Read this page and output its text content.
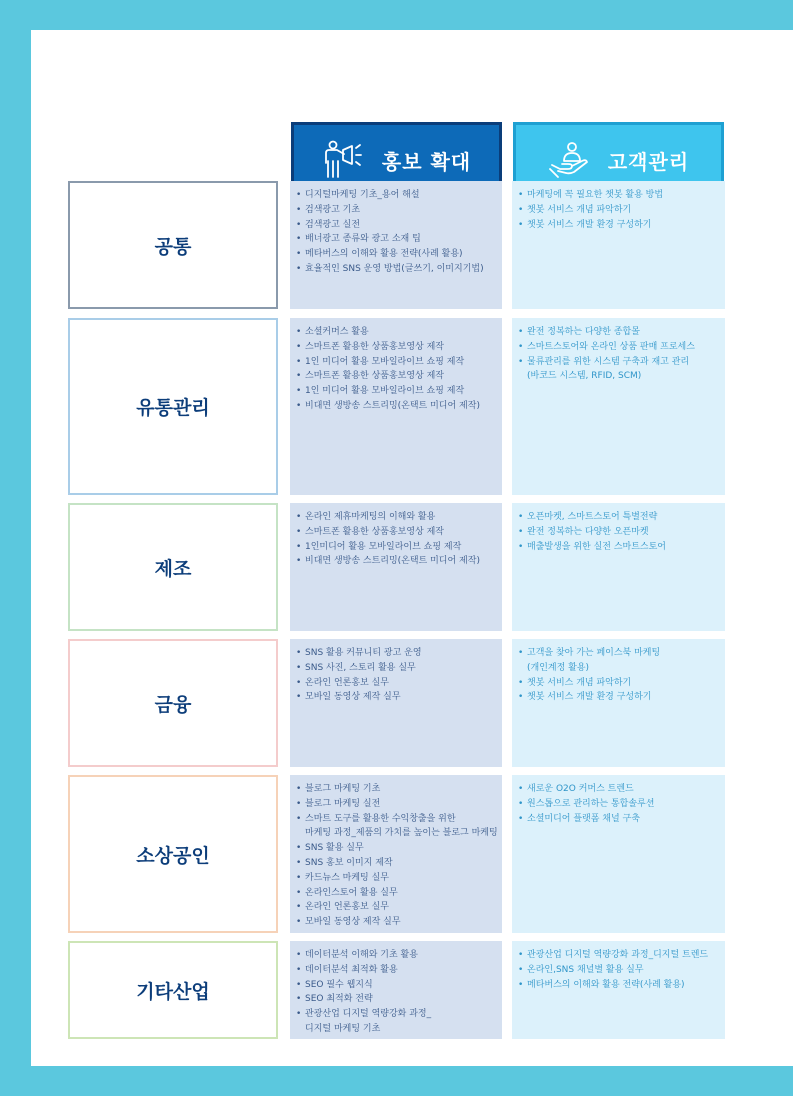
홍보 확대	고객관리
공통
• 디지털마케팅 기초_용어 해설
• 검색광고 기초
• 검색광고 실전
• 배너광고 종류와 광고 소재 팁
• 메타버스의 이해와 활용 전략(사례 활용)
• 효율적인 SNS 운영 방법(글쓰기, 이미지기법)
• 마케팅에 꼭 필요한 챗봇 활용 방법
• 챗봇 서비스 개념 파악하기
• 챗봇 서비스 개발 환경 구성하기
유통관리
• 소셜커머스 활용
• 스마트폰 활용한 상품홍보영상 제작
• 1인 미디어 활용 모바일라이브 쇼핑 제작
• 스마트폰 활용한 상품홍보영상 제작
• 1인 미디어 활용 모바일라이브 쇼핑 제작
• 비대면 생방송 스트리밍(온택트 미디어 제작)
• 완전 정복하는 다양한 종합몰
• 스마트스토어와 온라인 상품 판매 프로세스
• 물류관리를 위한 시스템 구축과 재고 관리
(바코드 시스템, RFID, SCM)
제조
• 온라인 제휴마케팅의 이해와 활용
• 스마트폰 활용한 상품홍보영상 제작
• 1인미디어 활용 모바일라이브 쇼핑 제작
• 비대면 생방송 스트리밍(온택트 미디어 제작)
• 오픈마켓, 스마트스토어 특별전략
• 완전 정복하는 다양한 오픈마켓
• 매출발생을 위한 실전 스마트스토어
금융
• SNS 활용 커뮤니티 광고 운영
• SNS 사진, 스토리 활용 실무
• 온라인 언론홍보 실무
• 모바일 동영상 제작 실무
• 고객을 찾아 가는 페이스북 마케팅
(개인계정 활용)
• 챗봇 서비스 개념 파악하기
• 챗봇 서비스 개발 환경 구성하기
소상공인
• 블로그 마케팅 기초
• 블로그 마케팅 실전
• 스마트 도구를 활용한 수익창출을 위한
마케팅 과정_제품의 가치를 높이는 블로그 마케팅
• SNS 활용 실무
• SNS 홍보 이미지 제작
• 카드뉴스 마케팅 실무
• 온라인스토어 활용 실무
• 온라인 언론홍보 실무
• 모바일 동영상 제작 실무
• 새로운 O2O 커머스 트렌드
• 원스톱으로 관리하는 통합솔루션
• 소셜미디어 플랫폼 채널 구축
기타산업
• 데이터분석 이해와 기초 활용
• 데이터분석 최적화 활용
• SEO 필수 웹지식
• SEO 최적화 전략
• 관광산업 디지털 역량강화 과정_
디지털 마케팅 기초
• 관광산업 디지털 역량강화 과정_디지털 트렌드
• 온라인,SNS 채널별 활용 실무
• 메타버스의 이해와 활용 전략(사례 활용)
